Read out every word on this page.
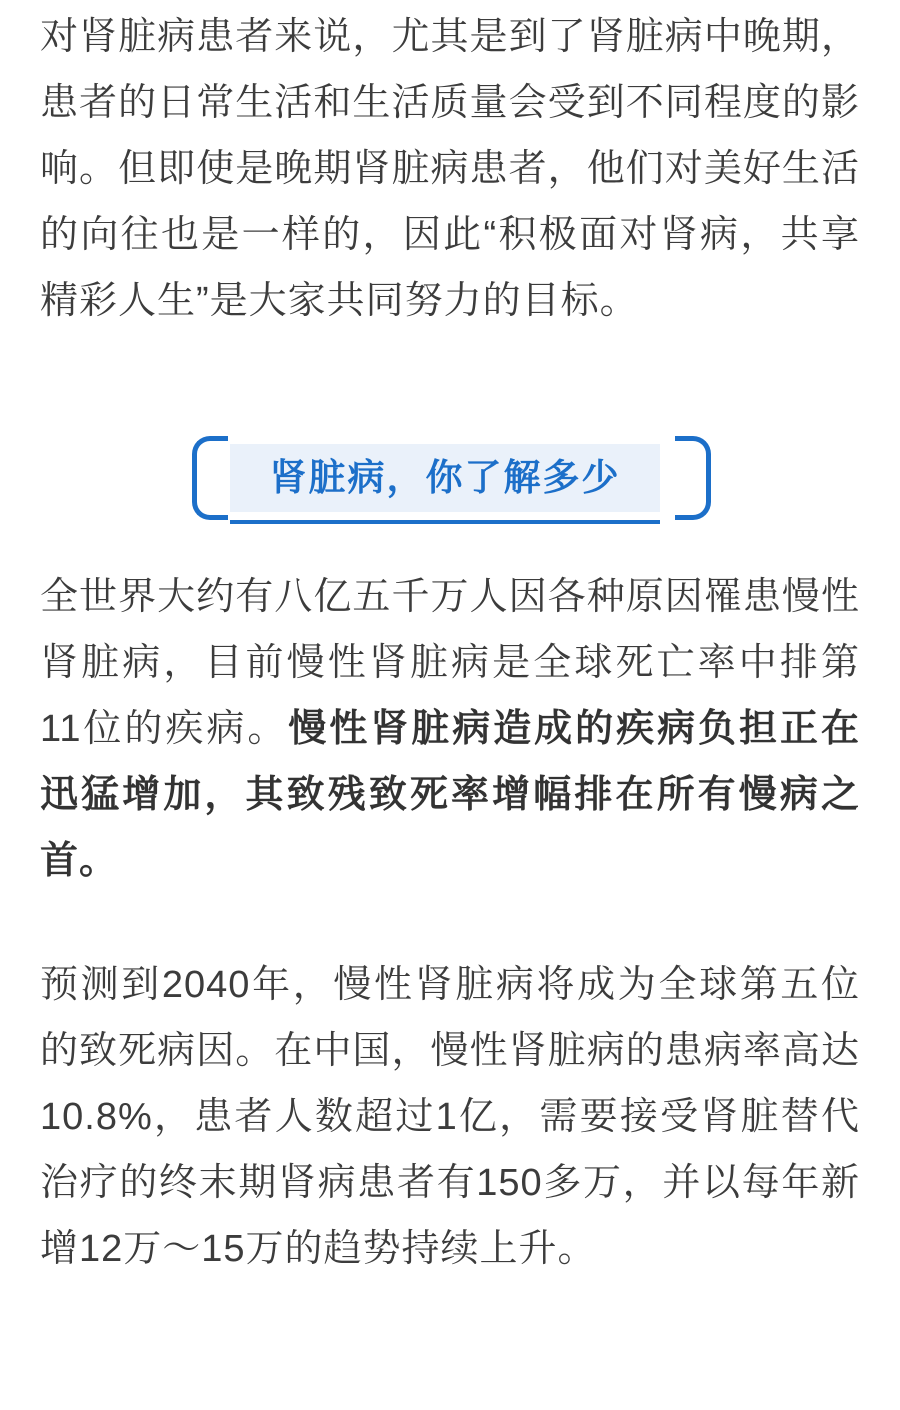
对肾脏病患者来说，尤其是到了肾脏病中晚期，患者的日常生活和生活质量会受到不同程度的影响。但即使是晚期肾脏病患者，他们对美好生活的向往也是一样的，因此“积极面对肾病，共享精彩人生”是大家共同努力的目标。

肾脏病，你了解多少

全世界大约有八亿五千万人因各种原因罹患慢性肾脏病，目前慢性肾脏病是全球死亡率中排第11位的疾病。慢性肾脏病造成的疾病负担正在迅猛增加，其致残致死率增幅排在所有慢病之首。

预测到2040年，慢性肾脏病将成为全球第五位的致死病因。在中国，慢性肾脏病的患病率高达10.8%，患者人数超过1亿，需要接受肾脏替代治疗的终末期肾病患者有150多万，并以每年新增12万～15万的趋势持续上升。
